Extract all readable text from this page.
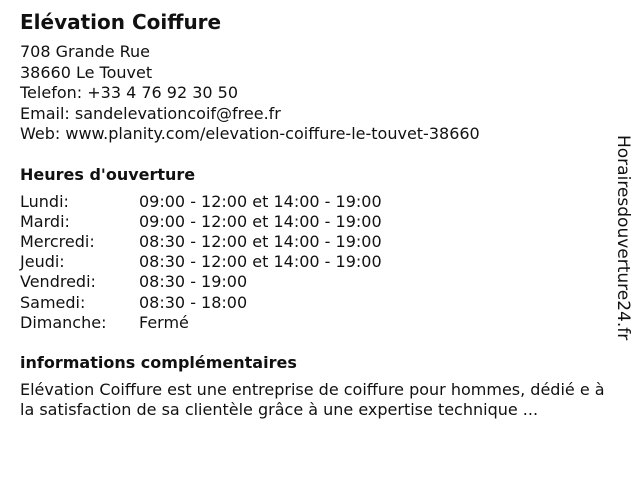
Elévation Coiffure
708 Grande Rue
38660 Le Touvet
Telefon: +33 4 76 92 30 50
Email: sandelevationcoif@free.fr
Web: www.planity.com/elevation-coiffure-le-touvet-38660
Heures d'ouverture
Lundi:	09:00 - 12:00 et 14:00 - 19:00
Mardi:	09:00 - 12:00 et 14:00 - 19:00
Mercredi:	08:30 - 12:00 et 14:00 - 19:00
Jeudi:	08:30 - 12:00 et 14:00 - 19:00
Vendredi:	08:30 - 19:00
Samedi:	08:30 - 18:00
Dimanche:	Fermé
informations complémentaires
Elévation Coiffure est une entreprise de coiffure pour hommes, dédié e à la satisfaction de sa clientèle grâce à une expertise technique ...
Horairesdouverture24.fr
